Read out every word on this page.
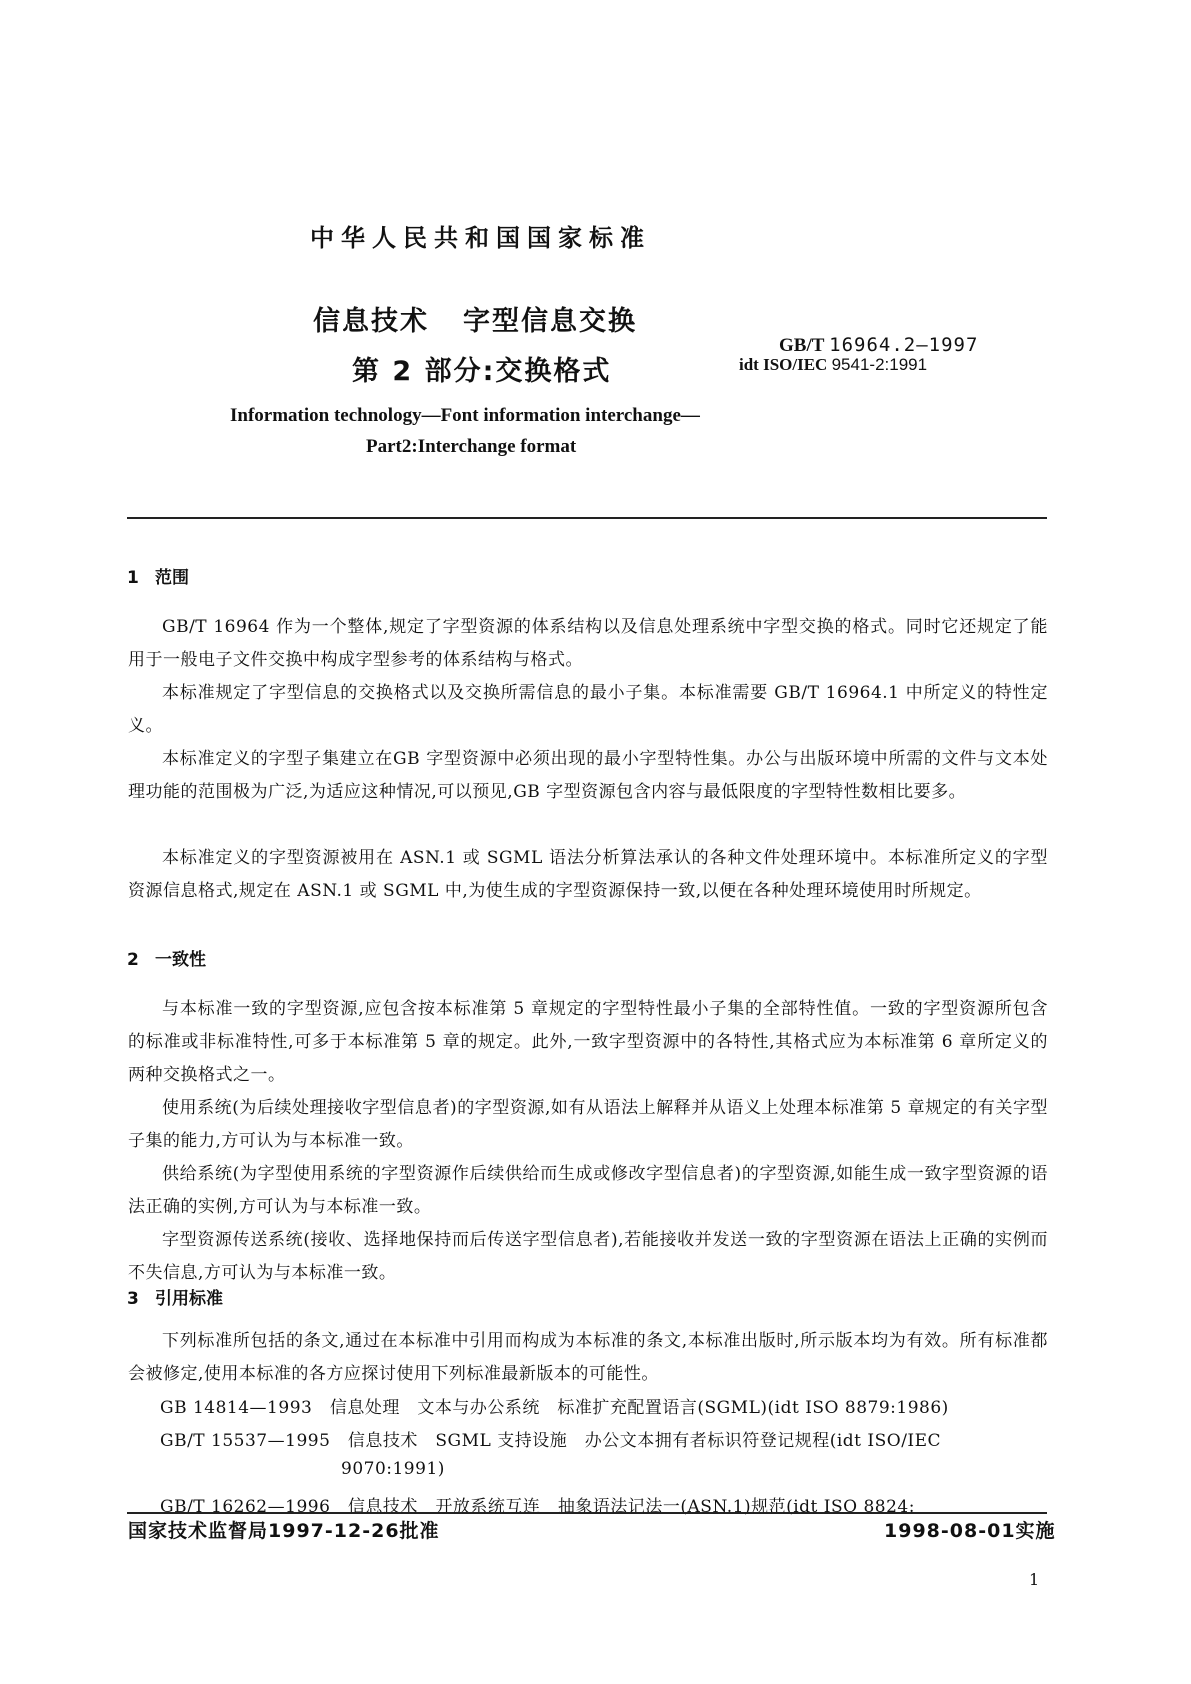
中华人民共和国国家标准
信息技术 字型信息交换
第 2 部分:交换格式
GB/T 16964.2—1997
idt ISO/IEC 9541-2:1991
Information technology—Font information interchange—
Part2:Interchange format
1 范围

GB/T 16964 作为一个整体,规定了字型资源的体系结构以及信息处理系统中字型交换的格式。同时它还规定了能用于一般电子文件交换中构成字型参考的体系结构与格式。

本标准规定了字型信息的交换格式以及交换所需信息的最小子集。本标准需要 GB/T 16964.1 中所定义的特性定义。

本标准定义的字型子集建立在GB 字型资源中必须出现的最小字型特性集。办公与出版环境中所需的文件与文本处理功能的范围极为广泛,为适应这种情况,可以预见,GB 字型资源包含内容与最低限度的字型特性数相比要多。

本标准定义的字型资源被用在 ASN.1 或 SGML 语法分析算法承认的各种文件处理环境中。本标准所定义的字型资源信息格式,规定在 ASN.1 或 SGML 中,为使生成的字型资源保持一致,以便在各种处理环境使用时所规定。

2 一致性

与本标准一致的字型资源,应包含按本标准第 5 章规定的字型特性最小子集的全部特性值。一致的字型资源所包含的标准或非标准特性,可多于本标准第 5 章的规定。此外,一致字型资源中的各特性,其格式应为本标准第 6 章所定义的两种交换格式之一。

使用系统(为后续处理接收字型信息者)的字型资源,如有从语法上解释并从语义上处理本标准第 5 章规定的有关字型子集的能力,方可认为与本标准一致。

供给系统(为字型使用系统的字型资源作后续供给而生成或修改字型信息者)的字型资源,如能生成一致字型资源的语法正确的实例,方可认为与本标准一致。

字型资源传送系统(接收、选择地保持而后传送字型信息者),若能接收并发送一致的字型资源在语法上正确的实例而不失信息,方可认为与本标准一致。

3 引用标准

下列标准所包括的条文,通过在本标准中引用而构成为本标准的条文,本标准出版时,所示版本均为有效。所有标准都会被修定,使用本标准的各方应探讨使用下列标准最新版本的可能性。

GB 14814—1993　 信息处理　文本与办公系统　标准扩充配置语言(SGML)(idt ISO 8879:1986)
GB/T 15537—1995　 信息技术　SGML 支持设施　办公文本拥有者标识符登记规程(idt ISO/IEC
9070:1991)
GB/T 16262—1996　 信息技术　开放系统互连　抽象语法记法一(ASN.1)规范(idt ISO 8824:
国家技术监督局1997-12-26批准	1998-08-01实施
1
